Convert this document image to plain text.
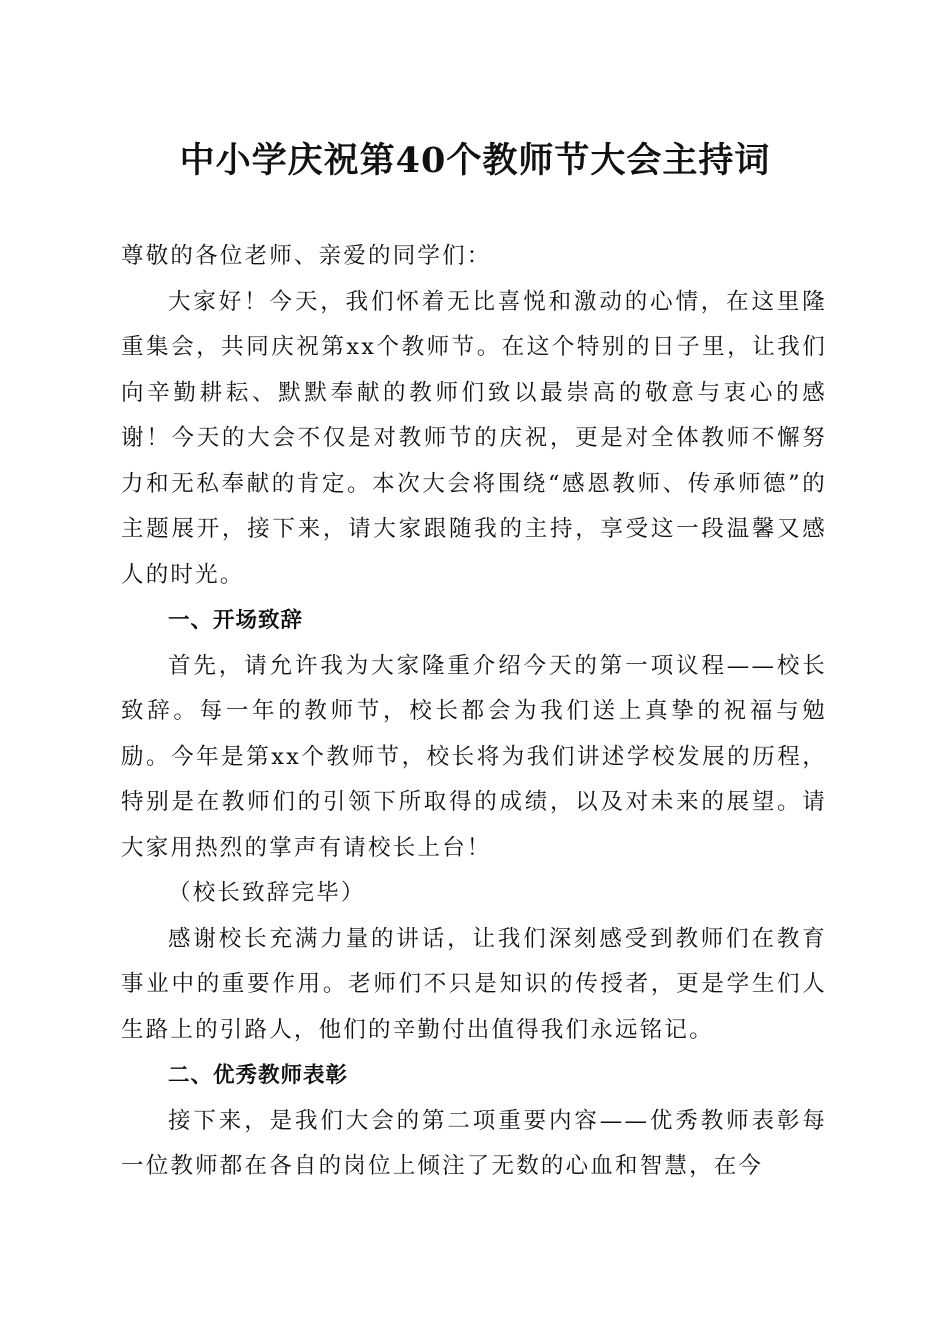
中小学庆祝第40个教师节大会主持词

尊敬的各位老师、亲爱的同学们：

大家好！今天，我们怀着无比喜悦和激动的心情，在这里隆重集会，共同庆祝第xx个教师节。在这个特别的日子里，让我们向辛勤耕耘、默默奉献的教师们致以最崇高的敬意与衷心的感谢！今天的大会不仅是对教师节的庆祝，更是对全体教师不懈努力和无私奉献的肯定。本次大会将围绕“感恩教师、传承师德”的主题展开，接下来，请大家跟随我的主持，享受这一段温馨又感人的时光。

一、开场致辞

首先，请允许我为大家隆重介绍今天的第一项议程——校长致辞。每一年的教师节，校长都会为我们送上真挚的祝福与勉励。今年是第xx个教师节，校长将为我们讲述学校发展的历程，特别是在教师们的引领下所取得的成绩，以及对未来的展望。请大家用热烈的掌声有请校长上台！

（校长致辞完毕）

感谢校长充满力量的讲话，让我们深刻感受到教师们在教育事业中的重要作用。老师们不只是知识的传授者，更是学生们人生路上的引路人，他们的辛勤付出值得我们永远铭记。

二、优秀教师表彰

接下来，是我们大会的第二项重要内容——优秀教师表彰每一位教师都在各自的岗位上倾注了无数的心血和智慧，在今
